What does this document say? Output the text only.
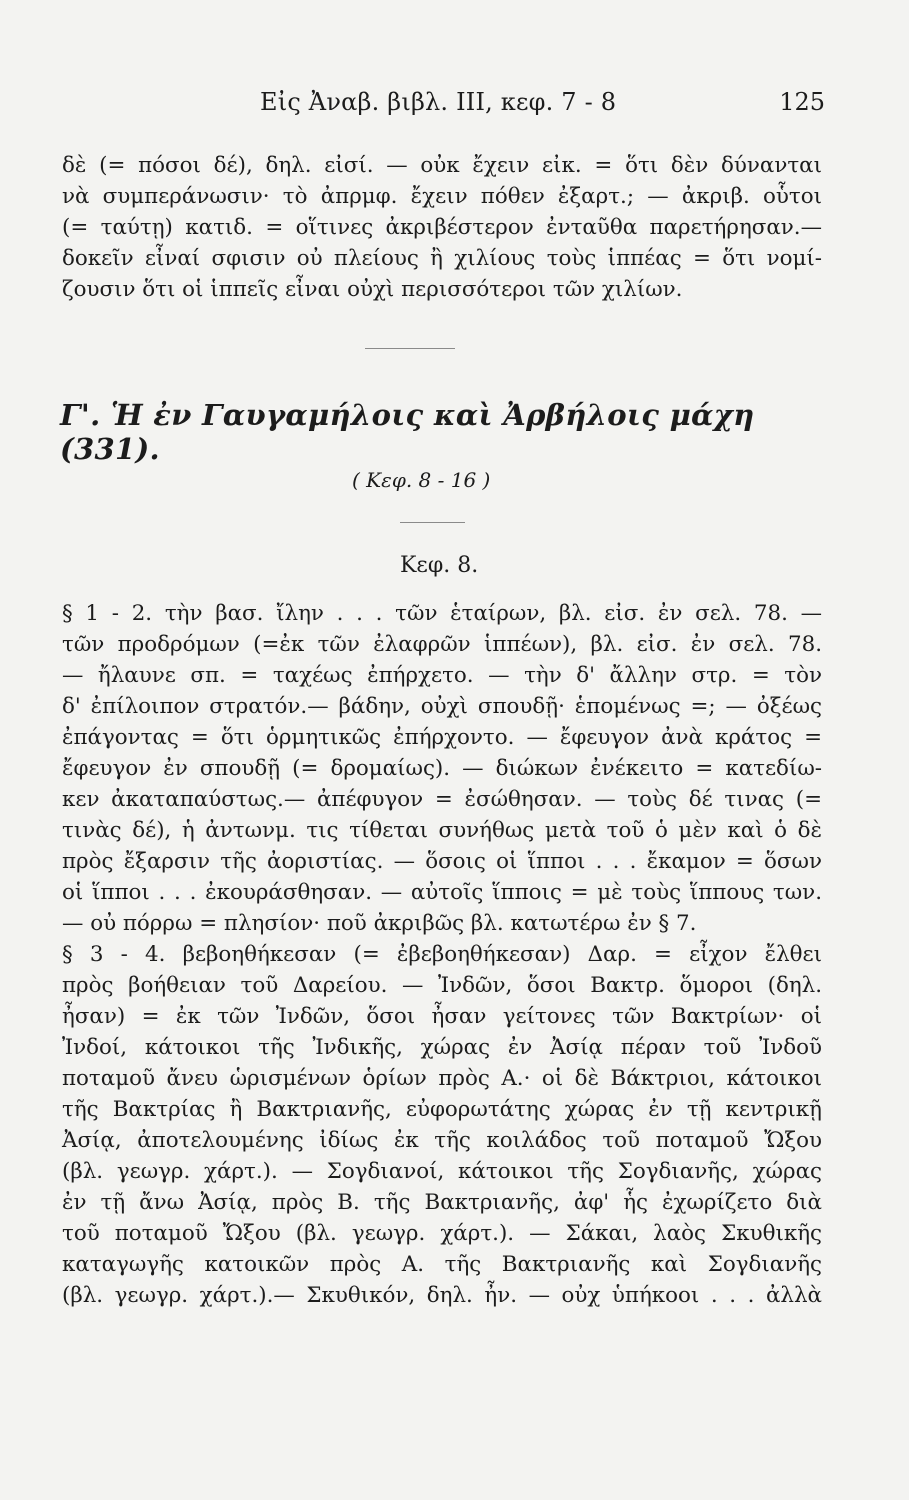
Εἰς Ἀναβ. βιβλ. ΙΙΙ, κεφ. 7 - 8	125
δὲ (= πόσοι δέ), δηλ. εἰσί. — οὐκ ἔχειν εἰκ. = ὅτι δὲν δύνανται
νὰ συμπεράνωσιν· τὸ ἀπρμφ. ἔχειν πόθεν ἐξαρτ.; — ἀκριβ. οὗτοι
(= ταύτῃ) κατιδ. = οἵτινες ἀκριβέστερον ἐνταῦθα παρετήρησαν.—
δοκεῖν εἶναί σφισιν οὐ πλείους ἢ χιλίους τοὺς ἱππέας = ὅτι νομί-
ζουσιν ὅτι οἱ ἱππεῖς εἶναι οὐχὶ περισσότεροι τῶν χιλίων.
Γ'. Ἡ ἐν Γαυγαμήλοις καὶ Ἀρβήλοις μάχη (331).
( Κεφ. 8 - 16 )
Κεφ. 8.
§ 1 - 2. τὴν βασ. ἴλην . . . τῶν ἑταίρων, βλ. εἰσ. ἐν σελ. 78. —
τῶν προδρόμων (=ἐκ τῶν ἐλαφρῶν ἱππέων), βλ. εἰσ. ἐν σελ. 78.
— ἤλαυνε σπ. = ταχέως ἐπήρχετο. — τὴν δ' ἄλλην στρ. = τὸν
δ' ἐπίλοιπον στρατόν.— βάδην, οὐχὶ σπουδῇ· ἑπομένως =; — ὀξέως
ἐπάγοντας = ὅτι ὁρμητικῶς ἐπήρχοντο. — ἔφευγον ἀνὰ κράτος =
ἔφευγον ἐν σπουδῇ (= δρομαίως). — διώκων ἐνέκειτο = κατεδίω-
κεν ἀκαταπαύστως.— ἀπέφυγον = ἐσώθησαν. — τοὺς δέ τινας (=
τινὰς δέ), ἡ ἀντωνμ. τις τίθεται συνήθως μετὰ τοῦ ὁ μὲν καὶ ὁ δὲ
πρὸς ἔξαρσιν τῆς ἀοριστίας. — ὅσοις οἱ ἵπποι . . . ἔκαμον = ὅσων
οἱ ἵπποι . . . ἐκουράσθησαν. — αὐτοῖς ἵπποις = μὲ τοὺς ἵππους των.
— οὐ πόρρω = πλησίον· ποῦ ἀκριβῶς βλ. κατωτέρω ἐν § 7.
§ 3 - 4. βεβοηθήκεσαν (= ἐβεβοηθήκεσαν) Δαρ. = εἶχον ἔλθει
πρὸς βοήθειαν τοῦ Δαρείου. — Ἰνδῶν, ὅσοι Βακτρ. ὅμοροι (δηλ.
ἦσαν) = ἐκ τῶν Ἰνδῶν, ὅσοι ἦσαν γείτονες τῶν Βακτρίων· οἱ
Ἰνδοί, κάτοικοι τῆς Ἰνδικῆς, χώρας ἐν Ἀσίᾳ πέραν τοῦ Ἰνδοῦ
ποταμοῦ ἄνευ ὡρισμένων ὁρίων πρὸς Α.· οἱ δὲ Βάκτριοι, κάτοικοι
τῆς Βακτρίας ἢ Βακτριανῆς, εὐφορωτάτης χώρας ἐν τῇ κεντρικῇ
Ἀσίᾳ, ἀποτελουμένης ἰδίως ἐκ τῆς κοιλάδος τοῦ ποταμοῦ Ὤξου
(βλ. γεωγρ. χάρτ.). — Σογδιανοί, κάτοικοι τῆς Σογδιανῆς, χώρας
ἐν τῇ ἄνω Ἀσίᾳ, πρὸς Β. τῆς Βακτριανῆς, ἀφ' ἧς ἐχωρίζετο διὰ
τοῦ ποταμοῦ Ὤξου (βλ. γεωγρ. χάρτ.). — Σάκαι, λαὸς Σκυθικῆς
καταγωγῆς κατοικῶν πρὸς Α. τῆς Βακτριανῆς καὶ Σογδιανῆς
(βλ. γεωγρ. χάρτ.).— Σκυθικόν, δηλ. ἦν. — οὐχ ὑπήκοοι . . . ἀλλὰ
